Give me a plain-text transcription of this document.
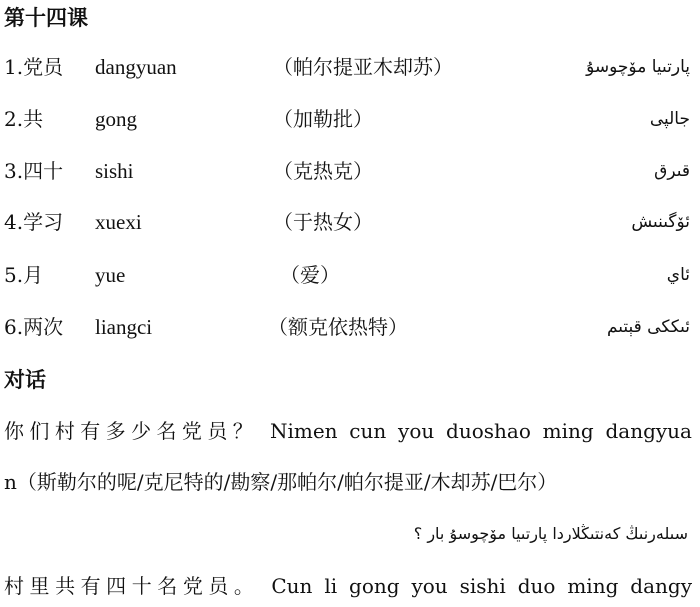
第十四课
1.党员 dangyuan	（帕尔提亚木却苏）	پارتىيا مۆچوسۇ
2.共 gong	（加勒批）	جالپى
3.四十 sishi	（克热克）	قىرق
4.学习 xuexi	（于热女）	ئۆگىنىش
5.月 yue	（爱）	ئاي
6.两次 liangci	（额克依热特）	ئىككى قېتىم
对话
你们村有多少名党员？ Nimen cun you duoshao ming dangyua
n（斯勒尔的呢/克尼特的/勘察/那帕尔/帕尔提亚/木却苏/巴尔）
سىلەرنىڭ كەنتىڭلاردا پارتىيا مۆچوسۇ بار ؟
村里共有四十名党员。 Cun li gong you sishi duo ming dangy
